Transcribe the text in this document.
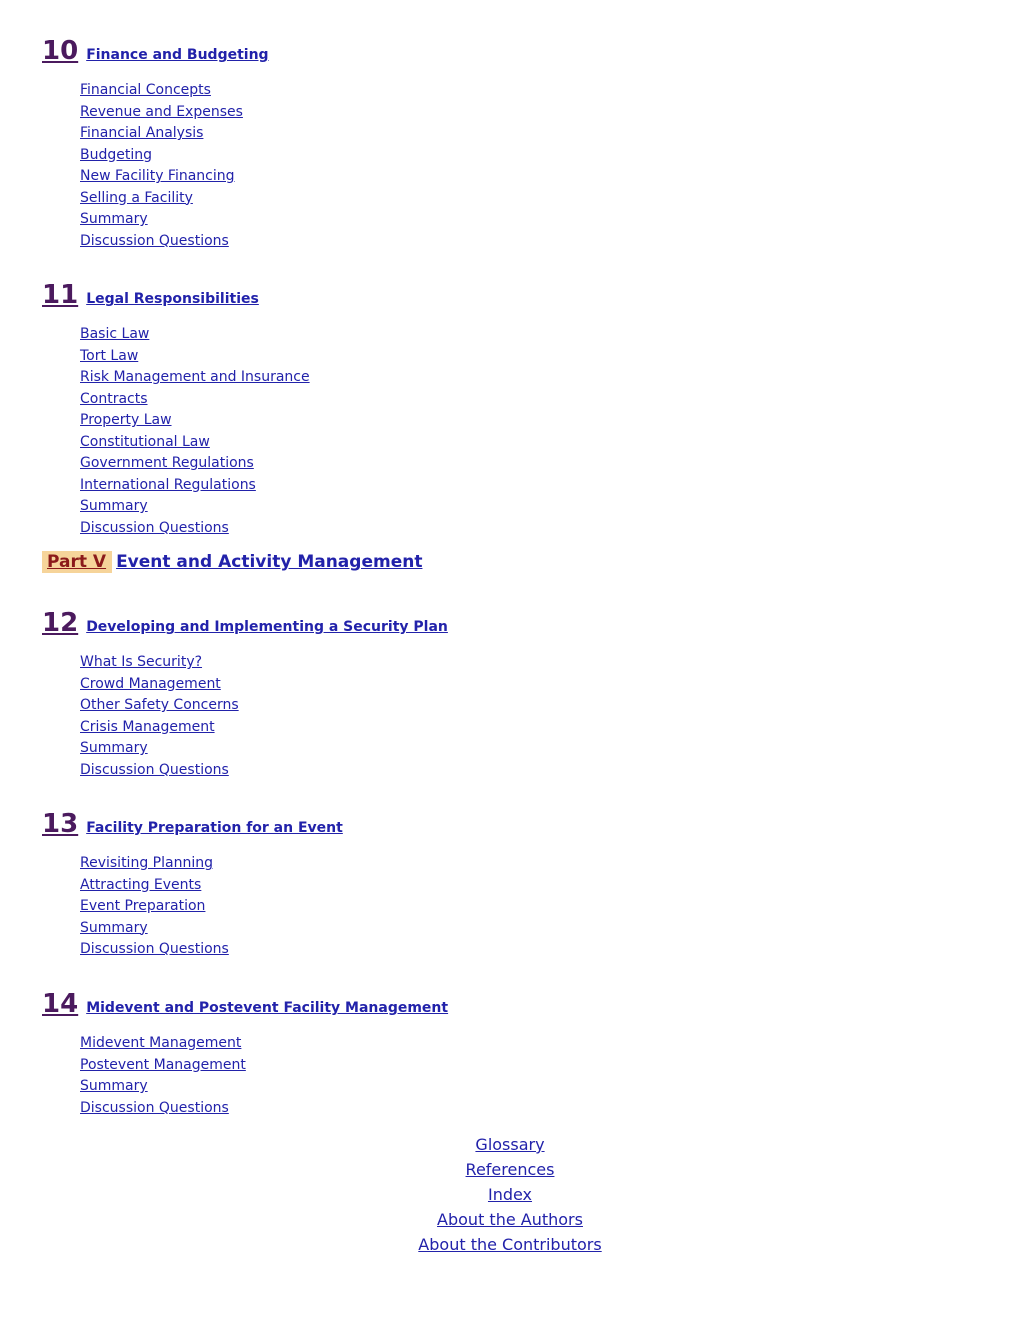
10 Finance and Budgeting
Financial Concepts
Revenue and Expenses
Financial Analysis
Budgeting
New Facility Financing
Selling a Facility
Summary
Discussion Questions
11 Legal Responsibilities
Basic Law
Tort Law
Risk Management and Insurance
Contracts
Property Law
Constitutional Law
Government Regulations
International Regulations
Summary
Discussion Questions
Part V Event and Activity Management
12 Developing and Implementing a Security Plan
What Is Security?
Crowd Management
Other Safety Concerns
Crisis Management
Summary
Discussion Questions
13 Facility Preparation for an Event
Revisiting Planning
Attracting Events
Event Preparation
Summary
Discussion Questions
14 Midevent and Postevent Facility Management
Midevent Management
Postevent Management
Summary
Discussion Questions
Glossary
References
Index
About the Authors
About the Contributors
